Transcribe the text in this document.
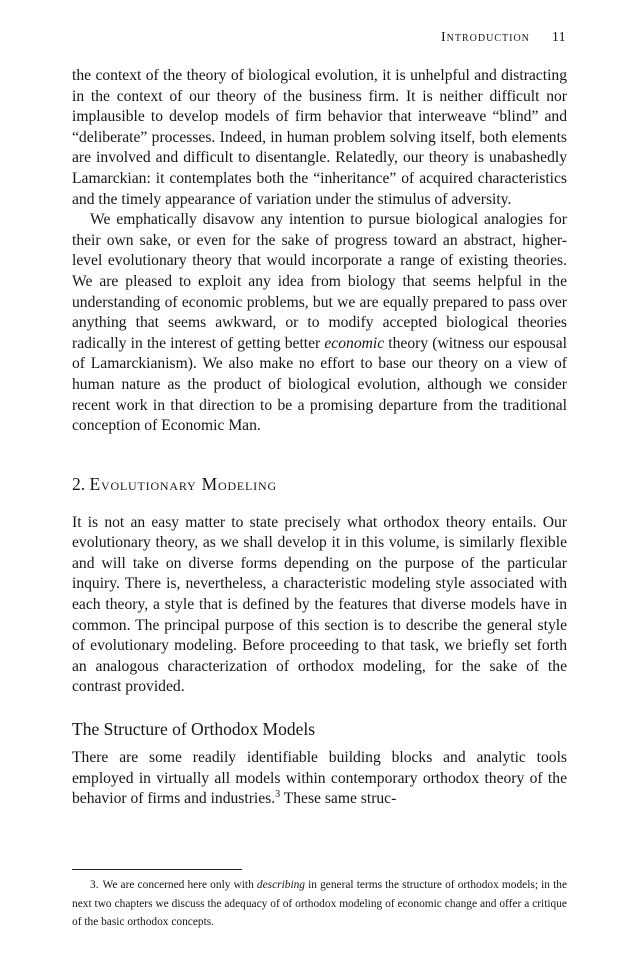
Introduction 11

the context of the theory of biological evolution, it is unhelpful and distracting in the context of our theory of the business firm. It is neither difficult nor implausible to develop models of firm behavior that interweave “blind” and “deliberate” processes. Indeed, in human problem solving itself, both elements are involved and difficult to disentangle. Relatedly, our theory is unabashedly Lamarckian: it contemplates both the “inheritance” of acquired characteristics and the timely appearance of variation under the stimulus of adversity.

We emphatically disavow any intention to pursue biological analogies for their own sake, or even for the sake of progress toward an abstract, higher-level evolutionary theory that would incorporate a range of existing theories. We are pleased to exploit any idea from biology that seems helpful in the understanding of economic problems, but we are equally prepared to pass over anything that seems awkward, or to modify accepted biological theories radically in the interest of getting better economic theory (witness our espousal of Lamarckianism). We also make no effort to base our theory on a view of human nature as the product of biological evolution, although we consider recent work in that direction to be a promising departure from the traditional conception of Economic Man.

2. Evolutionary Modeling

It is not an easy matter to state precisely what orthodox theory entails. Our evolutionary theory, as we shall develop it in this volume, is similarly flexible and will take on diverse forms depending on the purpose of the particular inquiry. There is, nevertheless, a characteristic modeling style associated with each theory, a style that is defined by the features that diverse models have in common. The principal purpose of this section is to describe the general style of evolutionary modeling. Before proceeding to that task, we briefly set forth an analogous characterization of orthodox modeling, for the sake of the contrast provided.

The Structure of Orthodox Models

There are some readily identifiable building blocks and analytic tools employed in virtually all models within contemporary orthodox theory of the behavior of firms and industries.$^3$ These same struc-

3. We are concerned here only with describing in general terms the structure of orthodox models; in the next two chapters we discuss the adequacy of of orthodox modeling of economic change and offer a critique of the basic orthodox concepts.
